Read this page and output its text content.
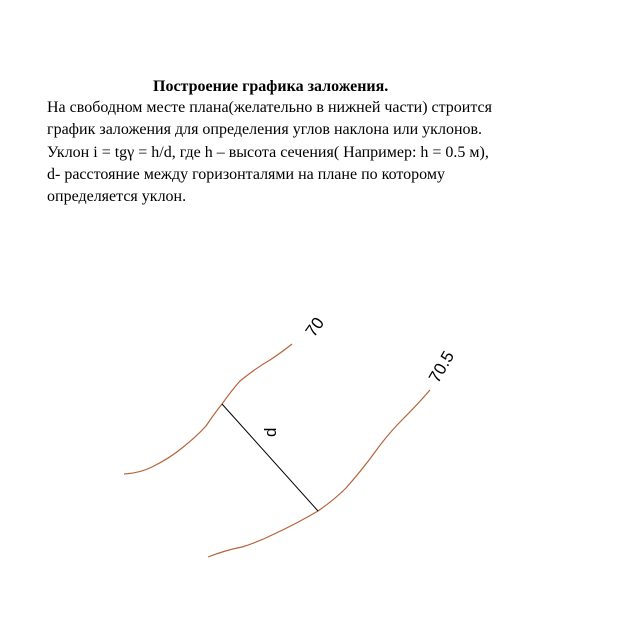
Построение графика заложения.
На свободном месте плана(желательно в нижней части) строится
график заложения для определения углов наклона или уклонов.
Уклон i = tgγ = h/d, где h – высота сечения( Например: h = 0.5 м),
d- расстояние между горизонталями на плане по которому
определяется уклон.
70
70.5
d
